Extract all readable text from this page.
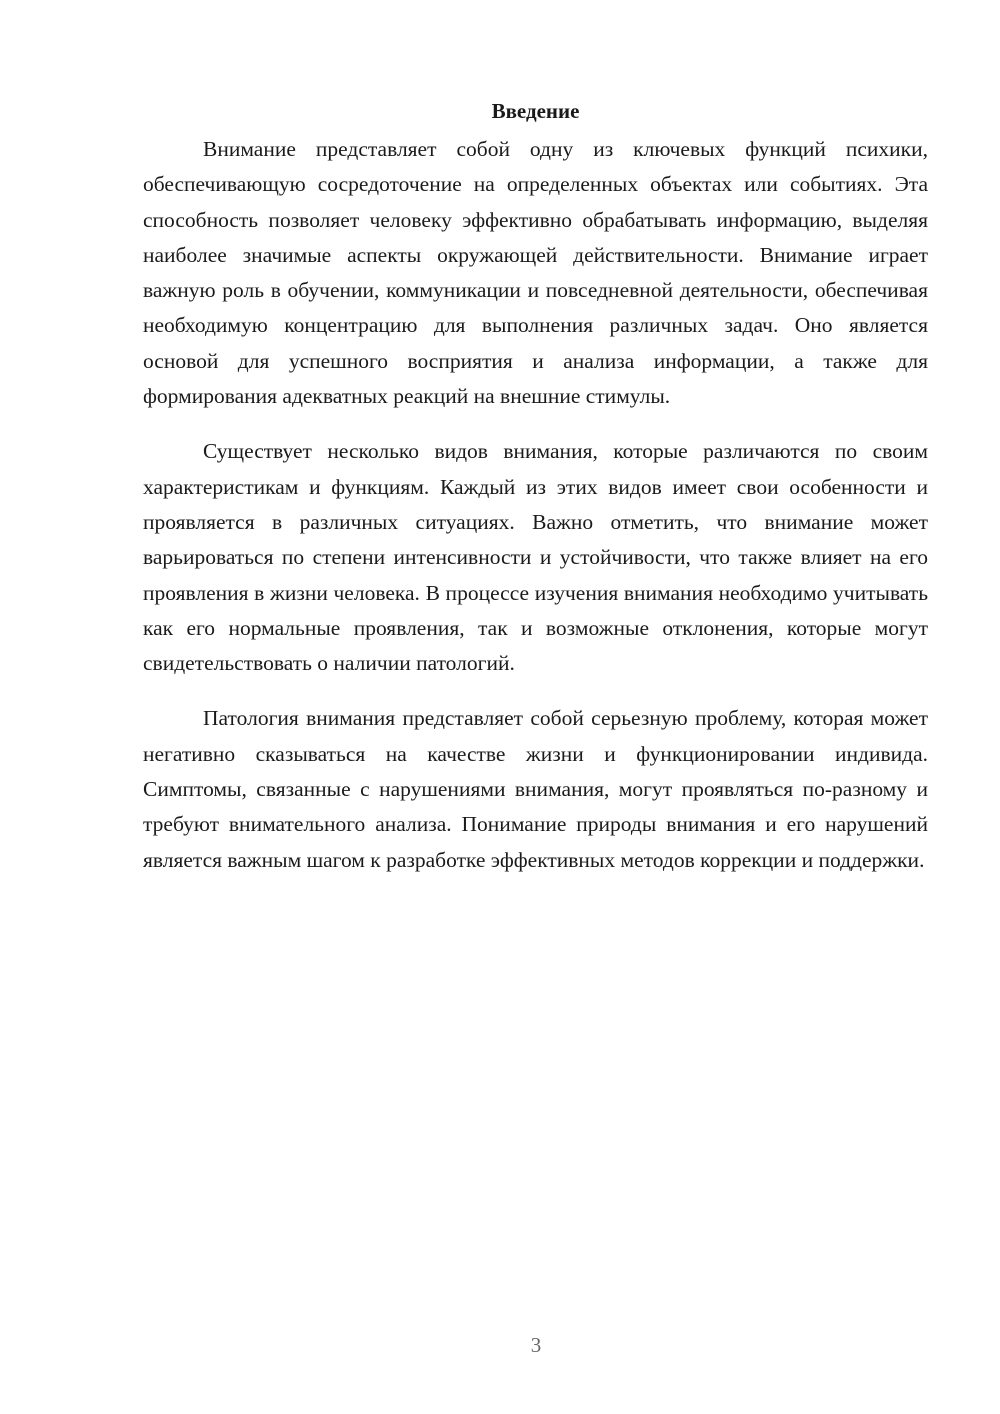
Введение

Внимание представляет собой одну из ключевых функций психики, обеспечивающую сосредоточение на определенных объектах или событиях. Эта способность позволяет человеку эффективно обрабатывать информацию, выделяя наиболее значимые аспекты окружающей действительности. Внимание играет важную роль в обучении, коммуникации и повседневной деятельности, обеспечивая необходимую концентрацию для выполнения различных задач. Оно является основой для успешного восприятия и анализа информации, а также для формирования адекватных реакций на внешние стимулы.

Существует несколько видов внимания, которые различаются по своим характеристикам и функциям. Каждый из этих видов имеет свои особенности и проявляется в различных ситуациях. Важно отметить, что внимание может варьироваться по степени интенсивности и устойчивости, что также влияет на его проявления в жизни человека. В процессе изучения внимания необходимо учитывать как его нормальные проявления, так и возможные отклонения, которые могут свидетельствовать о наличии патологий.

Патология внимания представляет собой серьезную проблему, которая может негативно сказываться на качестве жизни и функционировании индивида. Симптомы, связанные с нарушениями внимания, могут проявляться по-разному и требуют внимательного анализа. Понимание природы внимания и его нарушений является важным шагом к разработке эффективных методов коррекции и поддержки.

3
